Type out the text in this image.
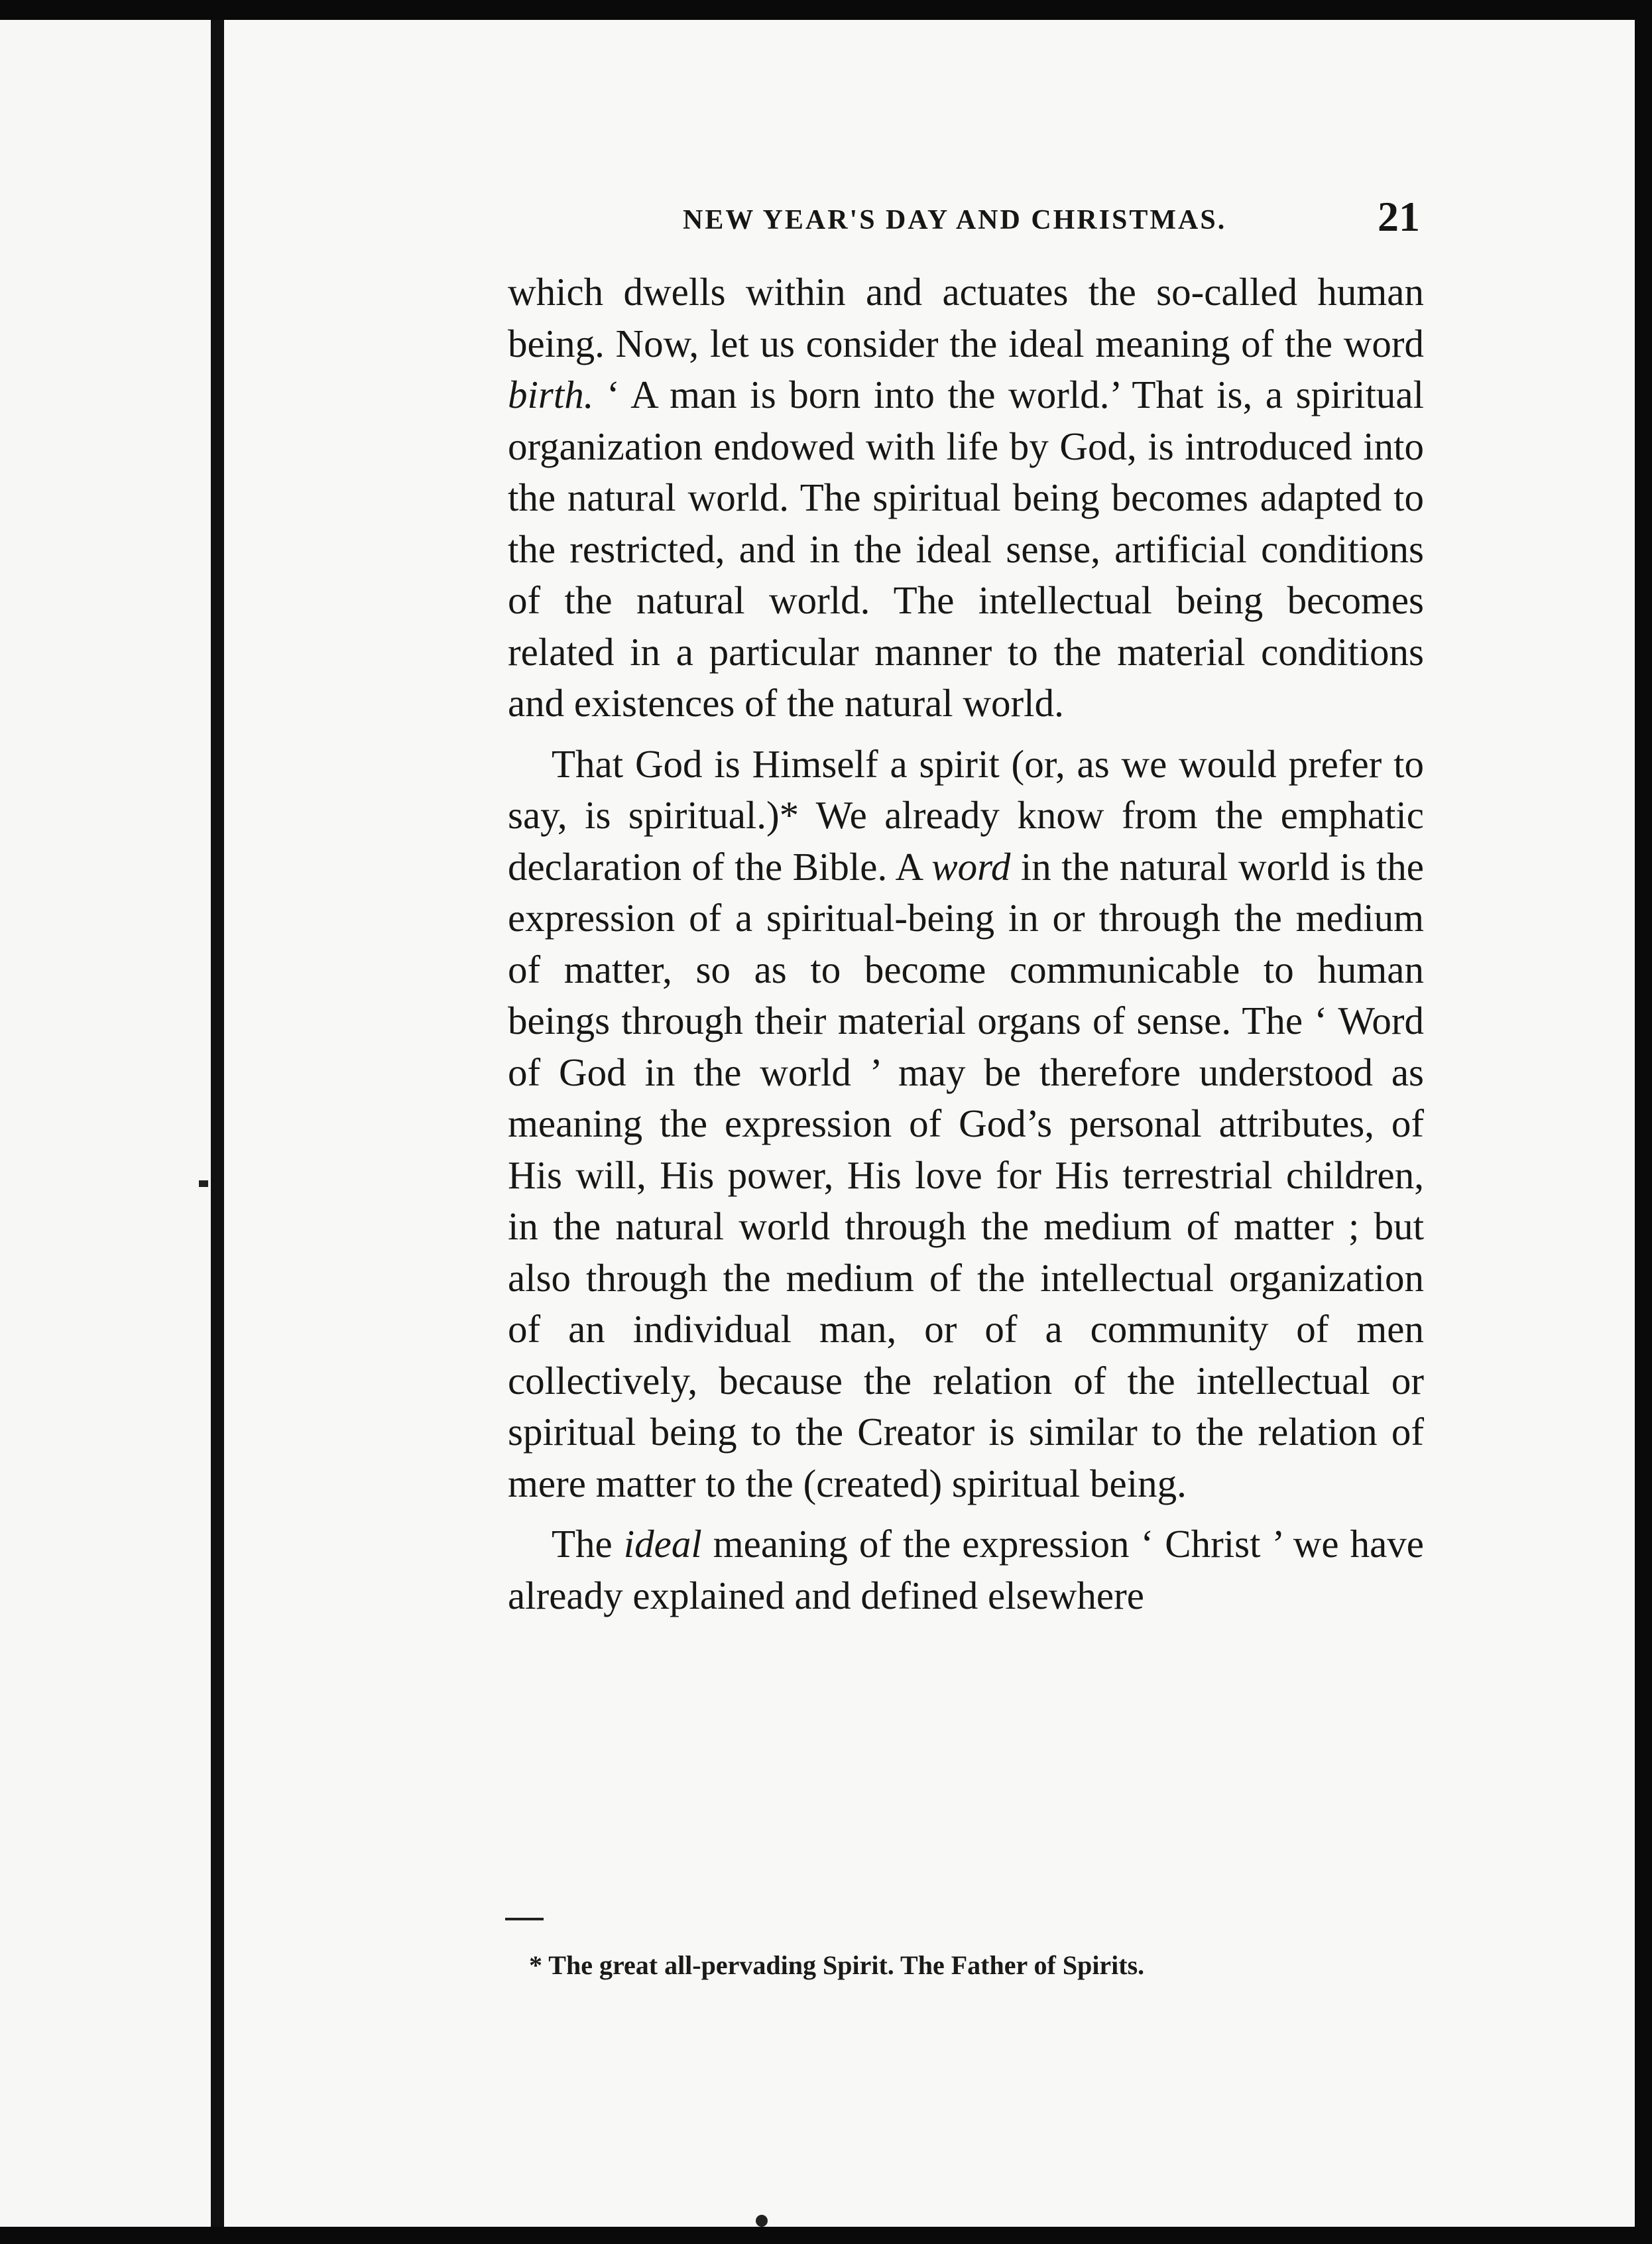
NEW YEAR'S DAY AND CHRISTMAS.	21

which dwells within and actuates the so-called human being. Now, let us consider the ideal meaning of the word birth. ‘ A man is born into the world.’ That is, a spiritual organization endowed with life by God, is introduced into the natural world. The spiritual being becomes adapted to the restricted, and in the ideal sense, artificial conditions of the natural world. The intellectual being becomes related in a particular manner to the material conditions and existences of the natural world.

That God is Himself a spirit (or, as we would prefer to say, is spiritual.)* We already know from the emphatic declaration of the Bible. A word in the natural world is the expression of a spiritual-being in or through the medium of matter, so as to become communicable to human beings through their material organs of sense. The ‘ Word of God in the world ’ may be therefore understood as meaning the expression of God’s personal attributes, of His will, His power, His love for His terrestrial children, in the natural world through the medium of matter ; but also through the medium of the intellectual organization of an individual man, or of a community of men collectively, because the relation of the intellectual or spiritual being to the Creator is similar to the relation of mere matter to the (created) spiritual being.

The ideal meaning of the expression ‘ Christ ’ we have already explained and defined elsewhere

* The great all-pervading Spirit. The Father of Spirits.
